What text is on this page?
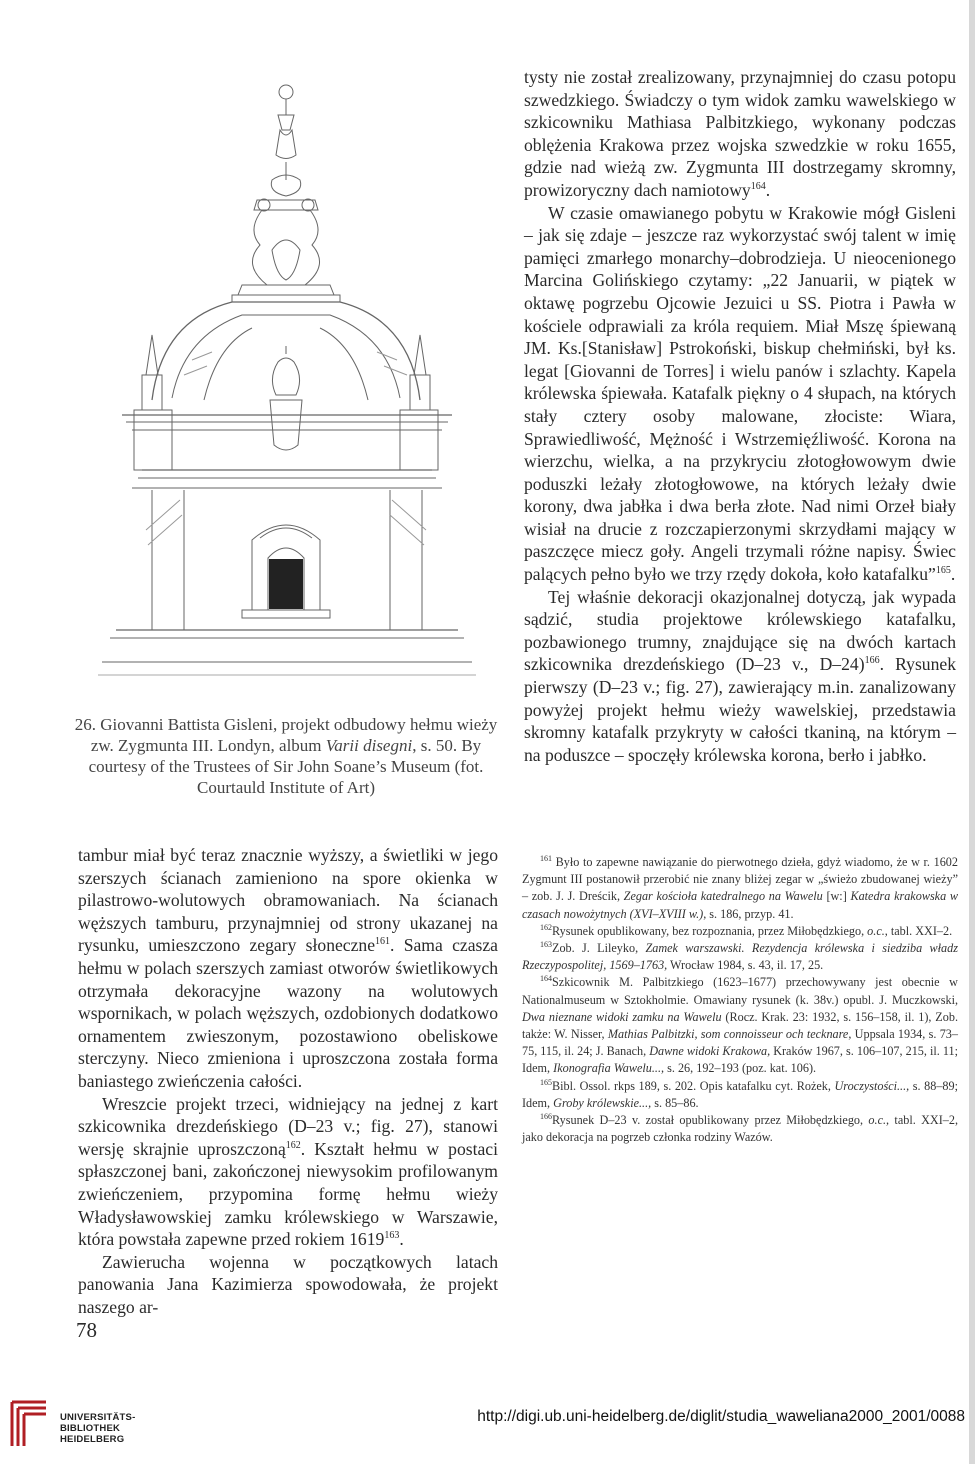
26. Giovanni Battista Gisleni, projekt odbudowy hełmu wieży zw. Zygmunta III. Londyn, album Varii disegni, s. 50. By courtesy of the Trustees of Sir John Soane’s Museum (fot. Courtauld Institute of Art)

tysty nie został zrealizowany, przynajmniej do czasu potopu szwedzkiego. Świadczy o tym widok zamku wawelskiego w szkicowniku Mathiasa Palbitzkiego, wykonany podczas oblężenia Krakowa przez wojska szwedzkie w roku 1655, gdzie nad wieżą zw. Zygmunta III dostrzegamy skromny, prowizoryczny dach namiotowy$^{164}$.

W czasie omawianego pobytu w Krakowie mógł Gisleni – jak się zdaje – jeszcze raz wykorzystać swój talent w imię pamięci zmarłego monarchy–dobrodzieja. U nieocenionego Marcina Golińskiego czytamy: „22 Januarii, w piątek w oktawę pogrzebu Ojcowie Jezuici u SS. Piotra i Pawła w kościele odprawiali za króla requiem. Miał Mszę śpiewaną JM. Ks.[Stanisław] Pstrokoński, biskup chełmiński, był ks. legat [Giovanni de Torres] i wielu panów i szlachty. Kapela królewska śpiewała. Katafalk piękny o 4 słupach, na których stały cztery osoby malowane, złociste: Wiara, Sprawiedliwość, Mężność i Wstrzemięźliwość. Korona na wierzchu, wielka, a na przykryciu złotogłowowym dwie poduszki leżały złotogłowowe, na których leżały dwie korony, dwa jabłka i dwa berła złote. Nad nimi Orzeł biały wisiał na drucie z rozczapierzonymi skrzydłami mający w paszczęce miecz goły. Angeli trzymali różne napisy. Świec palących pełno było we trzy rzędy dokoła, koło katafalku”$^{165}$.

Tej właśnie dekoracji okazjonalnej dotyczą, jak wypada sądzić, studia projektowe królewskiego katafalku, pozbawionego trumny, znajdujące się na dwóch kartach szkicownika drezdeńskiego (D–23 v., D–24)$^{166}$. Rysunek pierwszy (D–23 v.; fig. 27), zawierający m.in. zanalizowany powyżej projekt hełmu wieży wawelskiej, przedstawia skromny katafalk przykryty w całości tkaniną, na którym – na poduszce – spoczęły królewska korona, berło i jabłko.

tambur miał być teraz znacznie wyższy, a świetliki w jego szerszych ścianach zamieniono na spore okienka w pilastrowo-wolutowych obramowaniach. Na ścianach węższych tamburu, przynajmniej od strony ukazanej na rysunku, umieszczono zegary słoneczne$^{161}$. Sama czasza hełmu w polach szerszych zamiast otworów świetlikowych otrzymała dekoracyjne wazony na wolutowych wspornikach, w polach węższych, ozdobionych dodatkowo ornamentem zwieszonym, pozostawiono obeliskowe sterczyny. Nieco zmieniona i uproszczona została forma baniastego zwieńczenia całości.

Wreszcie projekt trzeci, widniejący na jednej z kart szkicownika drezdeńskiego (D–23 v.; fig. 27), stanowi wersję skrajnie uproszczoną$^{162}$. Kształt hełmu w postaci spłaszczonej bani, zakończonej niewysokim profilowanym zwieńczeniem, przypomina formę hełmu wieży Władysławowskiej zamku królewskiego w Warszawie, która powstała zapewne przed rokiem 1619$^{163}$.

Zawierucha wojenna w początkowych latach panowania Jana Kazimierza spowodowała, że projekt naszego ar-

$^{161}$ Było to zapewne nawiązanie do pierwotnego dzieła, gdyż wiadomo, że w r. 1602 Zygmunt III postanowił przerobić nie znany bliżej zegar w „świeżo zbudowanej wieży” – zob. J. J. Dreścik, Zegar kościoła katedralnego na Wawelu [w:] Katedra krakowska w czasach nowożytnych (XVI–XVIII w.), s. 186, przyp. 41.

$^{162}$Rysunek opublikowany, bez rozpoznania, przez Miłobędzkiego, o.c., tabl. XXI–2.

$^{163}$Zob. J. Lileyko, Zamek warszawski. Rezydencja królewska i siedziba władz Rzeczypospolitej, 1569–1763, Wrocław 1984, s. 43, il. 17, 25.

$^{164}$Szkicownik M. Palbitzkiego (1623–1677) przechowywany jest obecnie w Nationalmuseum w Sztokholmie. Omawiany rysunek (k. 38v.) opubl. J. Muczkowski, Dwa nieznane widoki zamku na Wawelu (Rocz. Krak. 23: 1932, s. 156–158, il. 1), Zob. także: W. Nisser, Mathias Palbitzki, som connoisseur och tecknare, Uppsala 1934, s. 73–75, 115, il. 24; J. Banach, Dawne widoki Krakowa, Kraków 1967, s. 106–107, 215, il. 11; Idem, Ikonografia Wawelu..., s. 26, 192–193 (poz. kat. 106).

$^{165}$Bibl. Ossol. rkps 189, s. 202. Opis katafalku cyt. Rożek, Uroczystości..., s. 88–89; Idem, Groby królewskie..., s. 85–86.

$^{166}$Rysunek D–23 v. został opublikowany przez Miłobędzkiego, o.c., tabl. XXI–2, jako dekoracja na pogrzeb członka rodziny Wazów.

78
UNIVERSITÄTS-
BIBLIOTHEK
HEIDELBERG
http://digi.ub.uni-heidelberg.de/diglit/studia_waweliana2000_2001/0088
